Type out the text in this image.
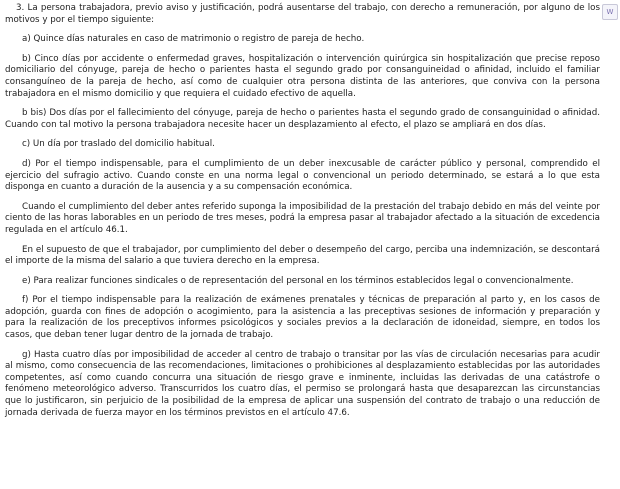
3. La persona trabajadora, previo aviso y justificación, podrá ausentarse del trabajo, con derecho a remuneración, por alguno de los motivos y por el tiempo siguiente:

a) Quince días naturales en caso de matrimonio o registro de pareja de hecho.

b) Cinco días por accidente o enfermedad graves, hospitalización o intervención quirúrgica sin hospitalización que precise reposo domiciliario del cónyuge, pareja de hecho o parientes hasta el segundo grado por consanguineidad o afinidad, incluido el familiar consanguíneo de la pareja de hecho, así como de cualquier otra persona distinta de las anteriores, que conviva con la persona trabajadora en el mismo domicilio y que requiera el cuidado efectivo de aquella.

b bis) Dos días por el fallecimiento del cónyuge, pareja de hecho o parientes hasta el segundo grado de consanguinidad o afinidad. Cuando con tal motivo la persona trabajadora necesite hacer un desplazamiento al efecto, el plazo se ampliará en dos días.

c) Un día por traslado del domicilio habitual.

d) Por el tiempo indispensable, para el cumplimiento de un deber inexcusable de carácter público y personal, comprendido el ejercicio del sufragio activo. Cuando conste en una norma legal o convencional un periodo determinado, se estará a lo que esta disponga en cuanto a duración de la ausencia y a su compensación económica.

Cuando el cumplimiento del deber antes referido suponga la imposibilidad de la prestación del trabajo debido en más del veinte por ciento de las horas laborables en un periodo de tres meses, podrá la empresa pasar al trabajador afectado a la situación de excedencia regulada en el artículo 46.1.

En el supuesto de que el trabajador, por cumplimiento del deber o desempeño del cargo, perciba una indemnización, se descontará el importe de la misma del salario a que tuviera derecho en la empresa.

e) Para realizar funciones sindicales o de representación del personal en los términos establecidos legal o convencionalmente.

f) Por el tiempo indispensable para la realización de exámenes prenatales y técnicas de preparación al parto y, en los casos de adopción, guarda con fines de adopción o acogimiento, para la asistencia a las preceptivas sesiones de información y preparación y para la realización de los preceptivos informes psicológicos y sociales previos a la declaración de idoneidad, siempre, en todos los casos, que deban tener lugar dentro de la jornada de trabajo.

g) Hasta cuatro días por imposibilidad de acceder al centro de trabajo o transitar por las vías de circulación necesarias para acudir al mismo, como consecuencia de las recomendaciones, limitaciones o prohibiciones al desplazamiento establecidas por las autoridades competentes, así como cuando concurra una situación de riesgo grave e inminente, incluidas las derivadas de una catástrofe o fenómeno meteorológico adverso. Transcurridos los cuatro días, el permiso se prolongará hasta que desaparezcan las circunstancias que lo justificaron, sin perjuicio de la posibilidad de la empresa de aplicar una suspensión del contrato de trabajo o una reducción de jornada derivada de fuerza mayor en los términos previstos en el artículo 47.6.

W
